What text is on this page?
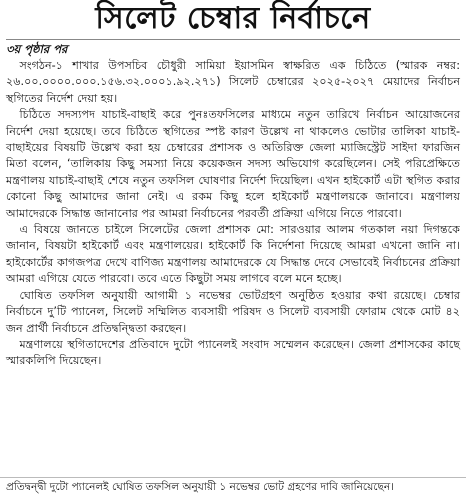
সিলেট চেম্বার নির্বাচনে
৩য় পৃষ্ঠার পর

সংগঠন-১ শাখার উপসচিব চৌধুরী সামিয়া ইয়াসমিন স্বাক্ষরিত এক চিঠিতে (স্মারক নম্বর: ২৬.০০.০০০০.০০০.১৫৬.৩২.০০০১.৯২.২৭১) সিলেট চেম্বারের ২০২৫-২০২৭ মেয়াদের নির্বাচন স্থগিতের নির্দেশ দেয়া হয়।

চিঠিতে সদস্যপদ যাচাই-বাছাই করে পুনঃতফসিলের মাধ্যমে নতুন তারিখে নির্বাচন আয়োজনের নির্দেশ দেয়া হয়েছে। তবে চিঠিতে স্থগিতের স্পষ্ট কারণ উল্লেখ না থাকলেও ভোটার তালিকা যাচাই-বাছাইয়ের বিষয়টি উল্লেখ করা হয় চেম্বারের প্রশাসক ও অতিরিক্ত জেলা ম্যাজিস্ট্রেট সাইদা ফারজিন মিতা বলেন, ‘তালিকায় কিছু সমস্যা নিয়ে কয়েকজন সদস্য অভিযোগ করেছিলেন। সেই পরিপ্রেক্ষিতে মন্ত্রণালয় যাচাই-বাছাই শেষে নতুন তফসিল ঘোষণার নির্দেশ দিয়েছিল। এখন হাইকোর্ট এটা স্থগিত করার কোনো কিছু আমাদের জানা নেই। এ রকম কিছু হলে হাইকোর্ট মন্ত্রণালয়কে জানাবে। মন্ত্রণালয় আমাদেরকে সিদ্ধান্ত জানানোর পর আমরা নির্বাচনের পরবর্তী প্রক্রিয়া এগিয়ে নিতে পারবো।

এ বিষয়ে জানতে চাইলে সিলেটের জেলা প্রশাসক মো: সারওয়ার আলম গতকাল নয়া দিগন্তকে জানান, বিষয়টা হাইকোর্ট এবং মন্ত্রণালয়ের। হাইকোর্ট কি নির্দেশনা দিয়েছে আমরা এখনো জানি না। হাইকোর্টের কাগজপত্র দেখে বাণিজ্য মন্ত্রণালয় আমাদেরকে যে সিদ্ধান্ত দেবে সেভাবেই নির্বাচনের প্রক্রিয়া আমরা এগিয়ে যেতে পারবো। তবে এতে কিছুটা সময় লাগবে বলে মনে হচ্ছে।

ঘোষিত তফসিল অনুযায়ী আগামী ১ নভেম্বর ভোটগ্রহণ অনুষ্ঠিত হওয়ার কথা রয়েছে। চেম্বার নির্বাচনে দু’টি প্যানেল, সিলেট সম্মিলিত ব্যবসায়ী পরিষদ ও সিলেট ব্যবসায়ী ফোরাম থেকে মোট ৪২ জন প্রার্থী নির্বাচনে প্রতিদ্বন্দ্বিতা করছেন।

মন্ত্রণালয়ে স্থগিতাদেশের প্রতিবাদে দুটো প্যানেলই সংবাদ সম্মেলন করেছেন। জেলা প্রশাসকের কাছে স্মারকলিপি দিয়েছেন।

প্রতিদ্বন্দ্বী দুটো প্যানেলই ঘোষিত তফসিল অনুযায়ী ১ নভেম্বর ভোট গ্রহণের দাবি জানিয়েছেন।
